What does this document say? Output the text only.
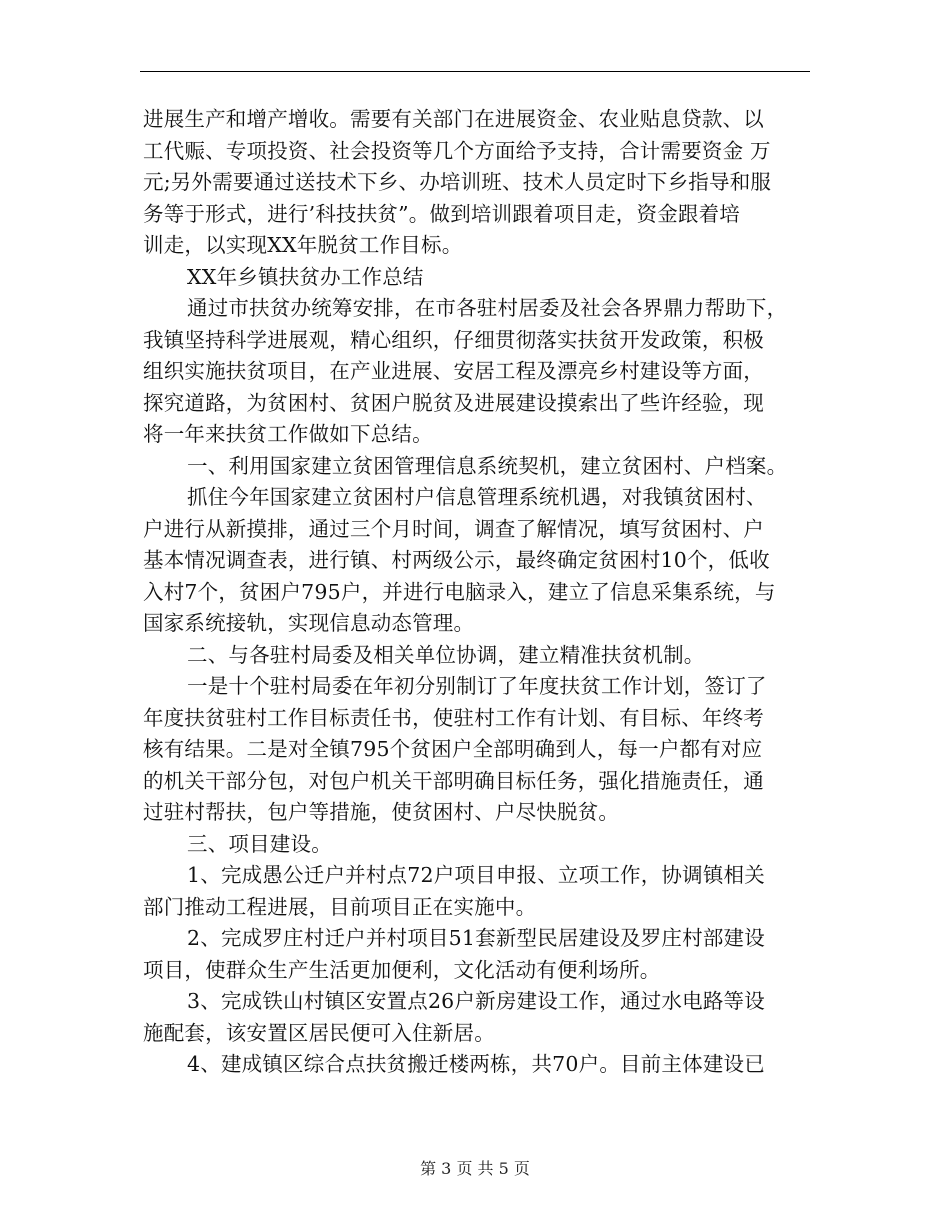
进展生产和增产增收。需要有关部门在进展资金、农业贴息贷款、以
工代赈、专项投资、社会投资等几个方面给予支持，合计需要资金 万
元;另外需要通过送技术下乡、办培训班、技术人员定时下乡指导和服
务等于形式，进行’科技扶贫”。做到培训跟着项目走，资金跟着培
训走，以实现XX年脱贫工作目标。
XX年乡镇扶贫办工作总结
通过市扶贫办统筹安排，在市各驻村居委及社会各界鼎力帮助下，
我镇坚持科学进展观，精心组织，仔细贯彻落实扶贫开发政策，积极
组织实施扶贫项目，在产业进展、安居工程及漂亮乡村建设等方面，
探究道路，为贫困村、贫困户脱贫及进展建设摸索出了些许经验，现
将一年来扶贫工作做如下总结。
一、利用国家建立贫困管理信息系统契机，建立贫困村、户档案。
抓住今年国家建立贫困村户信息管理系统机遇，对我镇贫困村、
户进行从新摸排，通过三个月时间，调查了解情况，填写贫困村、户
基本情况调查表，进行镇、村两级公示，最终确定贫困村10个，低收
入村7个，贫困户795户，并进行电脑录入，建立了信息采集系统，与
国家系统接轨，实现信息动态管理。
二、与各驻村局委及相关单位协调，建立精准扶贫机制。
一是十个驻村局委在年初分别制订了年度扶贫工作计划，签订了
年度扶贫驻村工作目标责任书，使驻村工作有计划、有目标、年终考
核有结果。二是对全镇795个贫困户全部明确到人，每一户都有对应
的机关干部分包，对包户机关干部明确目标任务，强化措施责任，通
过驻村帮扶，包户等措施，使贫困村、户尽快脱贫。
三、项目建设。
1、完成愚公迁户并村点72户项目申报、立项工作，协调镇相关
部门推动工程进展，目前项目正在实施中。
2、完成罗庄村迁户并村项目51套新型民居建设及罗庄村部建设
项目，使群众生产生活更加便利，文化活动有便利场所。
3、完成铁山村镇区安置点26户新房建设工作，通过水电路等设
施配套，该安置区居民便可入住新居。
4、建成镇区综合点扶贫搬迁楼两栋，共70户。目前主体建设已
第 3 页 共 5 页
